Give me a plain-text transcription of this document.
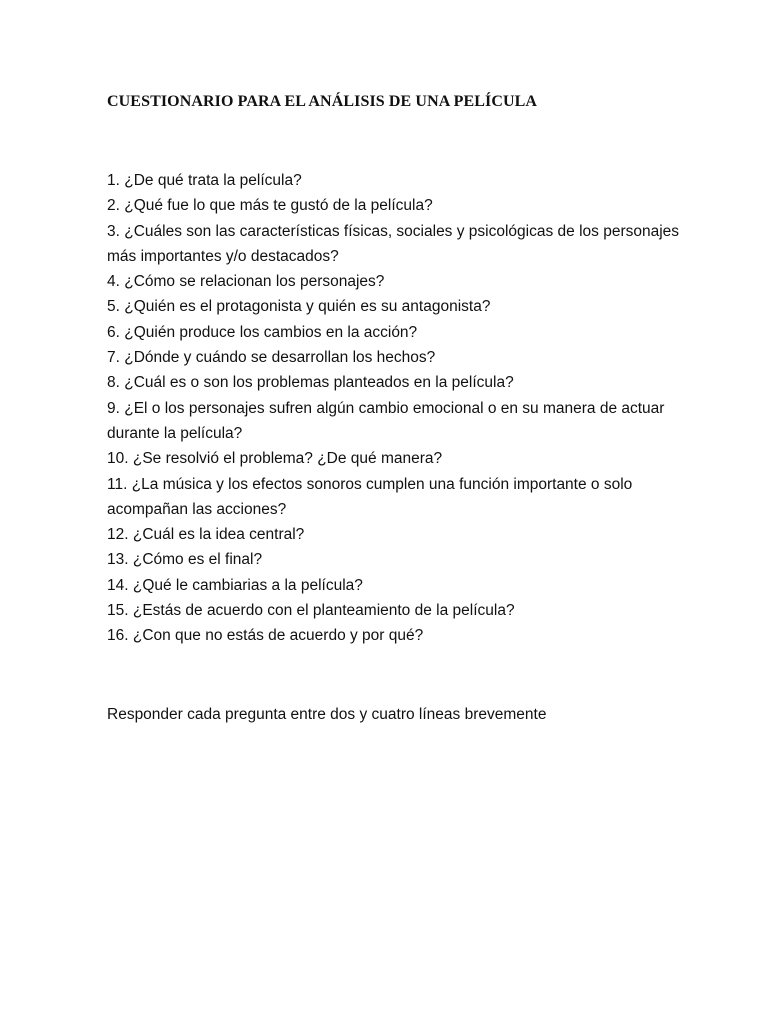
CUESTIONARIO PARA EL ANÁLISIS DE UNA PELÍCULA
1. ¿De qué trata la película?
2. ¿Qué fue lo que más te gustó de la película?
3. ¿Cuáles son las características físicas, sociales y psicológicas de los personajes más importantes y/o destacados?
4. ¿Cómo se relacionan los personajes?
5. ¿Quién es el protagonista y quién es su antagonista?
6. ¿Quién produce los cambios en la acción?
7. ¿Dónde y cuándo se desarrollan los hechos?
8. ¿Cuál es o son los problemas planteados en la película?
9. ¿El o los personajes sufren algún cambio emocional o en su manera de actuar durante la película?
10. ¿Se resolvió el problema? ¿De qué manera?
11. ¿La música y los efectos sonoros cumplen una función importante o solo acompañan las acciones?
12. ¿Cuál es la idea central?
13. ¿Cómo es el final?
14. ¿Qué le cambiarias a la película?
15. ¿Estás de acuerdo con el planteamiento de la película?
16. ¿Con que no estás de acuerdo y por qué?

Responder cada pregunta entre dos y cuatro líneas brevemente
